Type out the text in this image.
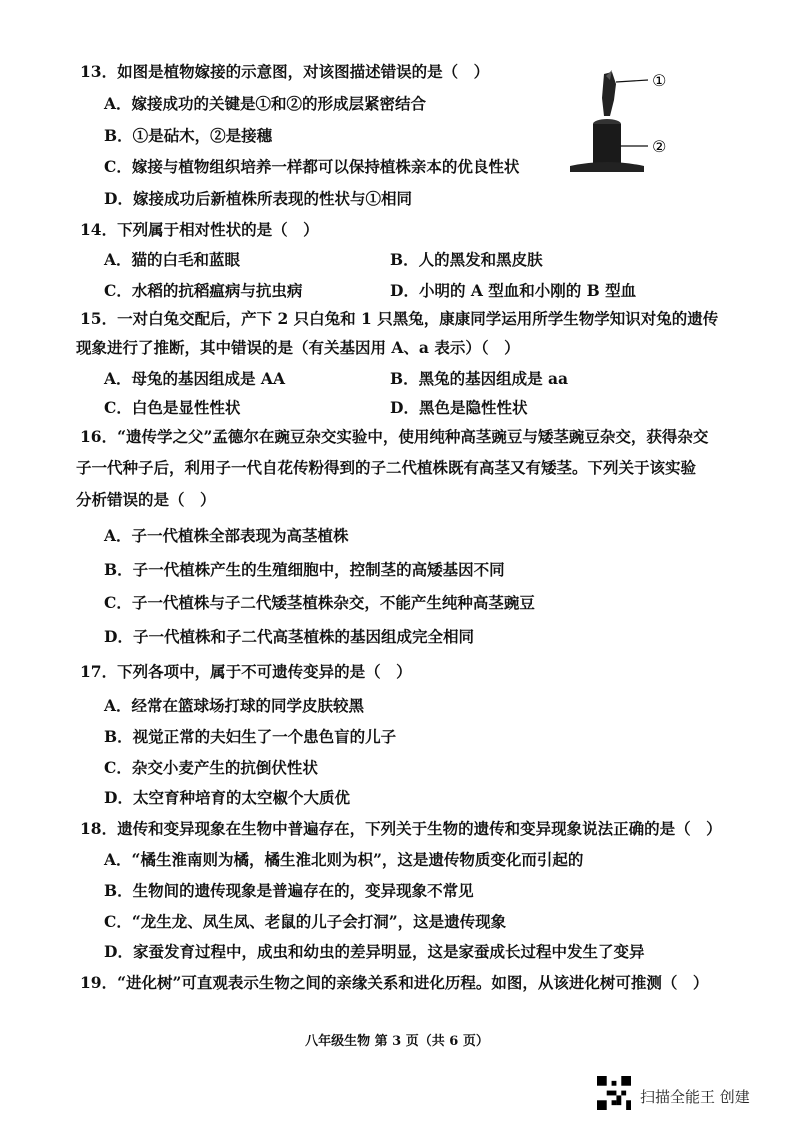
13．如图是植物嫁接的示意图，对该图描述错误的是（　）
A．嫁接成功的关键是①和②的形成层紧密结合
B．①是砧木，②是接穗
C．嫁接与植物组织培养一样都可以保持植株亲本的优良性状
D．嫁接成功后新植株所表现的性状与①相同
①
②
14．下列属于相对性状的是（　）
A．猫的白毛和蓝眼	B．人的黑发和黑皮肤
C．水稻的抗稻瘟病与抗虫病	D．小明的 A 型血和小刚的 B 型血
15．一对白兔交配后，产下 2 只白兔和 1 只黑兔，康康同学运用所学生物学知识对兔的遗传
现象进行了推断，其中错误的是（有关基因用 A、a 表示）（　）
A．母兔的基因组成是 AA	B．黑兔的基因组成是 aa
C．白色是显性性状	D．黑色是隐性性状
16．“遗传学之父”孟德尔在豌豆杂交实验中，使用纯种高茎豌豆与矮茎豌豆杂交，获得杂交
子一代种子后，利用子一代自花传粉得到的子二代植株既有高茎又有矮茎。下列关于该实验
分析错误的是（　）
A．子一代植株全部表现为高茎植株
B．子一代植株产生的生殖细胞中，控制茎的高矮基因不同
C．子一代植株与子二代矮茎植株杂交，不能产生纯种高茎豌豆
D．子一代植株和子二代高茎植株的基因组成完全相同
17．下列各项中，属于不可遗传变异的是（　）
A．经常在篮球场打球的同学皮肤较黑
B．视觉正常的夫妇生了一个患色盲的儿子
C．杂交小麦产生的抗倒伏性状
D．太空育种培育的太空椒个大质优
18．遗传和变异现象在生物中普遍存在，下列关于生物的遗传和变异现象说法正确的是（　）
A．“橘生淮南则为橘，橘生淮北则为枳”，这是遗传物质变化而引起的
B．生物间的遗传现象是普遍存在的，变异现象不常见
C．“龙生龙、凤生凤、老鼠的儿子会打洞”，这是遗传现象
D．家蚕发育过程中，成虫和幼虫的差异明显，这是家蚕成长过程中发生了变异
19．“进化树”可直观表示生物之间的亲缘关系和进化历程。如图，从该进化树可推测（　）
八年级生物 第 3 页（共 6 页）
扫描全能王 创建
